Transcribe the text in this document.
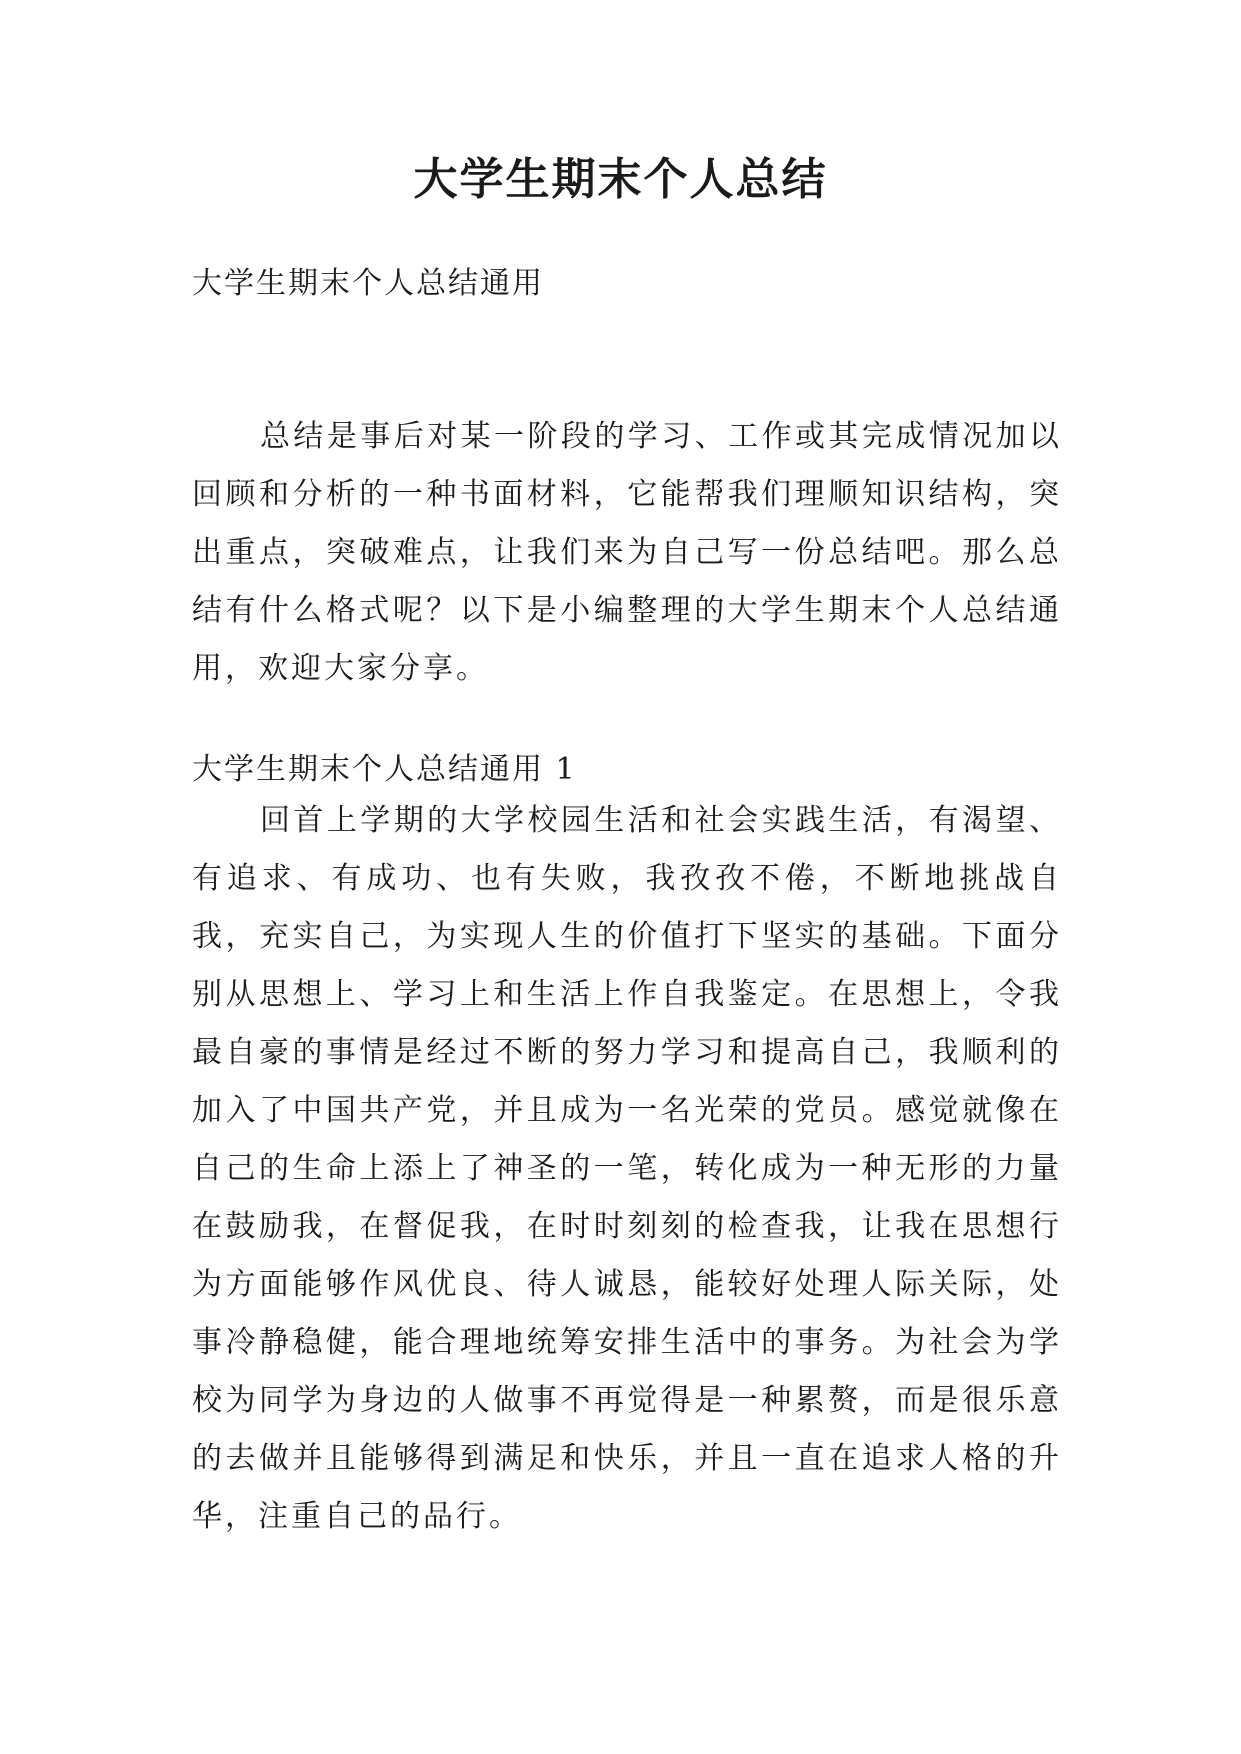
大学生期末个人总结
大学生期末个人总结通用

总结是事后对某一阶段的学习、工作或其完成情况加以回顾和分析的一种书面材料，它能帮我们理顺知识结构，突出重点，突破难点，让我们来为自己写一份总结吧。那么总结有什么格式呢？以下是小编整理的大学生期末个人总结通用，欢迎大家分享。

大学生期末个人总结通用 1

回首上学期的大学校园生活和社会实践生活，有渴望、有追求、有成功、也有失败，我孜孜不倦，不断地挑战自我，充实自己，为实现人生的价值打下坚实的基础。下面分别从思想上、学习上和生活上作自我鉴定。在思想上，令我最自豪的事情是经过不断的努力学习和提高自己，我顺利的加入了中国共产党，并且成为一名光荣的党员。感觉就像在自己的生命上添上了神圣的一笔，转化成为一种无形的力量在鼓励我，在督促我，在时时刻刻的检查我，让我在思想行为方面能够作风优良、待人诚恳，能较好处理人际关际，处事冷静稳健，能合理地统筹安排生活中的事务。为社会为学校为同学为身边的人做事不再觉得是一种累赘，而是很乐意的去做并且能够得到满足和快乐，并且一直在追求人格的升华，注重自己的品行。
